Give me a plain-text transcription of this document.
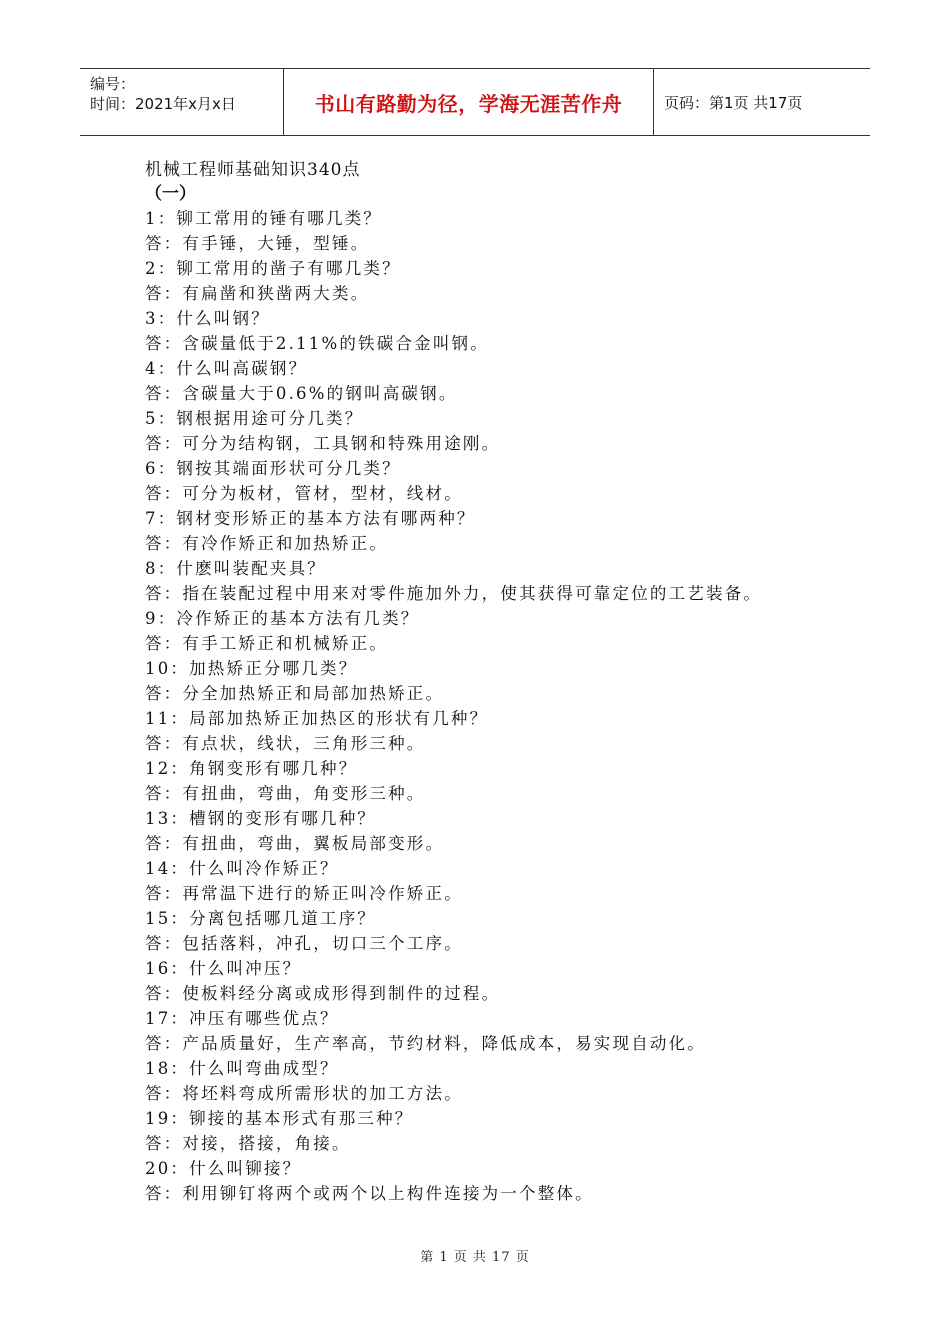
编号：
时间：2021年x月x日	书山有路勤为径，学海无涯苦作舟	页码：第1页 共17页
机械工程师基础知识340点
（一）
1：铆工常用的锤有哪几类？
答：有手锤，大锤，型锤。
2：铆工常用的凿子有哪几类？
答：有扁凿和狭凿两大类。
3：什么叫钢？
答：含碳量低于2.11%的铁碳合金叫钢。
4：什么叫高碳钢？
答：含碳量大于0.6%的钢叫高碳钢。
5：钢根据用途可分几类？
答：可分为结构钢，工具钢和特殊用途刚。
6：钢按其端面形状可分几类？
答：可分为板材，管材，型材，线材。
7：钢材变形矫正的基本方法有哪两种？
答：有冷作矫正和加热矫正。
8：什麽叫装配夹具？
答：指在装配过程中用来对零件施加外力，使其获得可靠定位的工艺装备。
9：冷作矫正的基本方法有几类？
答：有手工矫正和机械矫正。
10：加热矫正分哪几类？
答：分全加热矫正和局部加热矫正。
11：局部加热矫正加热区的形状有几种？
答：有点状，线状，三角形三种。
12：角钢变形有哪几种？
答：有扭曲，弯曲，角变形三种。
13：槽钢的变形有哪几种？
答：有扭曲，弯曲，翼板局部变形。
14：什么叫冷作矫正？
答：再常温下进行的矫正叫冷作矫正。
15：分离包括哪几道工序？
答：包括落料，冲孔，切口三个工序。
16：什么叫冲压？
答：使板料经分离或成形得到制件的过程。
17：冲压有哪些优点？
答：产品质量好，生产率高，节约材料，降低成本，易实现自动化。
18：什么叫弯曲成型？
答：将坯料弯成所需形状的加工方法。
19：铆接的基本形式有那三种？
答：对接，搭接，角接。
20：什么叫铆接？
答：利用铆钉将两个或两个以上构件连接为一个整体。
第 1 页 共 17 页
